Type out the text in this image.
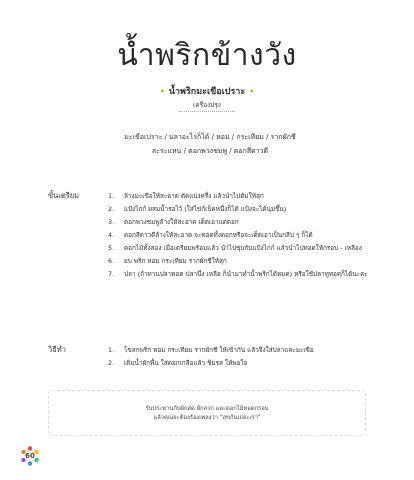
น้ำพริกข้างวัง
• น้ำพริกมะเขือเปราะ •
เครื่องปรุง
มะเขือเปราะ / ปลาอะไรก็ได้ / หอม / กระเทียม / รากผักชี
สะระแหน่ / ดอกพวงชมพู / ดอกสีดาวดี
ขั้นเตรียม	1.	ล้างมะเขือให้สะอาด ตัดแบ่งครึ่ง แล้วนำไปต้มให้สุก
2.	แป้งไกก์ ผสมน้ำรอไว้ (ใส่ไข่ก์เบ็คหนึ่งก็ได้ แป้งจะได้นุ่มขึ้น)
3.	ดอกพวงชมพูล้างให้สะอาด เด็ดเอาแต่ดอก
4.	ดอกสีดาวดีล้างให้สะอาด จะทอดทั้งดอกหรือจะเด็ดเอาเป็นกลีบ ๆ ก็ได้
5.	ดอกไม้ทั้งสอง เมื่อเตรียมพร้อมแล้ว นำไปชุบกับแป้งไกก์ แล้วนำไปทอดให้กรอบ - เหลือง
6.	ยบ พริก หอม กระเทียม รากผักชีให้สุก
7.	ปลา (ถ้าทานปลาทอด ปลานึ่ง เหลือ ก็นำมาทำน้ำพริกได้หมด) หรือใช้ปลาทูทอดก็ได้นะคะ
วิธีทำ	1.	โขลกพริก หอม กระเทียม รากผักชี ให้เข้ากัน แล้วจึงใส่ปลาและมะเขือ
2.	เติมน้ำผักพื้น ใส่ดอกเกลือแล้ว ชิมรส ให้พอใจ
รับประทานกับผักสด ผักลวก และดอกไม้ทอดกรอบ
แล้วคุณจะต้องร้องเพลงว่า "สุขกันเถอะเรา"
60
